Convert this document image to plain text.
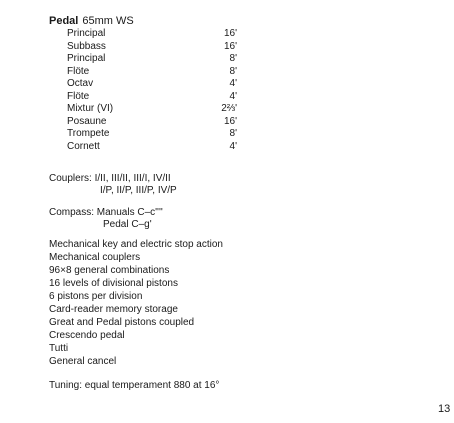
Pedal 65mm WS
Principal	16'
Subbass	16'
Principal	8'
Flöte	8'
Octav	4'
Flöte	4'
Mixtur (VI)	2⅔'
Posaune	16'
Trompete	8'
Cornett	4'
Couplers: I/II, III/II, III/I, IV/II
I/P, II/P, III/P, IV/P
Compass: Manuals C–c''''
Pedal C–g'
Mechanical key and electric stop action
Mechanical couplers
96×8 general combinations
16 levels of divisional pistons
6 pistons per division
Card-reader memory storage
Great and Pedal pistons coupled
Crescendo pedal
Tutti
General cancel
Tuning: equal temperament 880 at 16°
13
